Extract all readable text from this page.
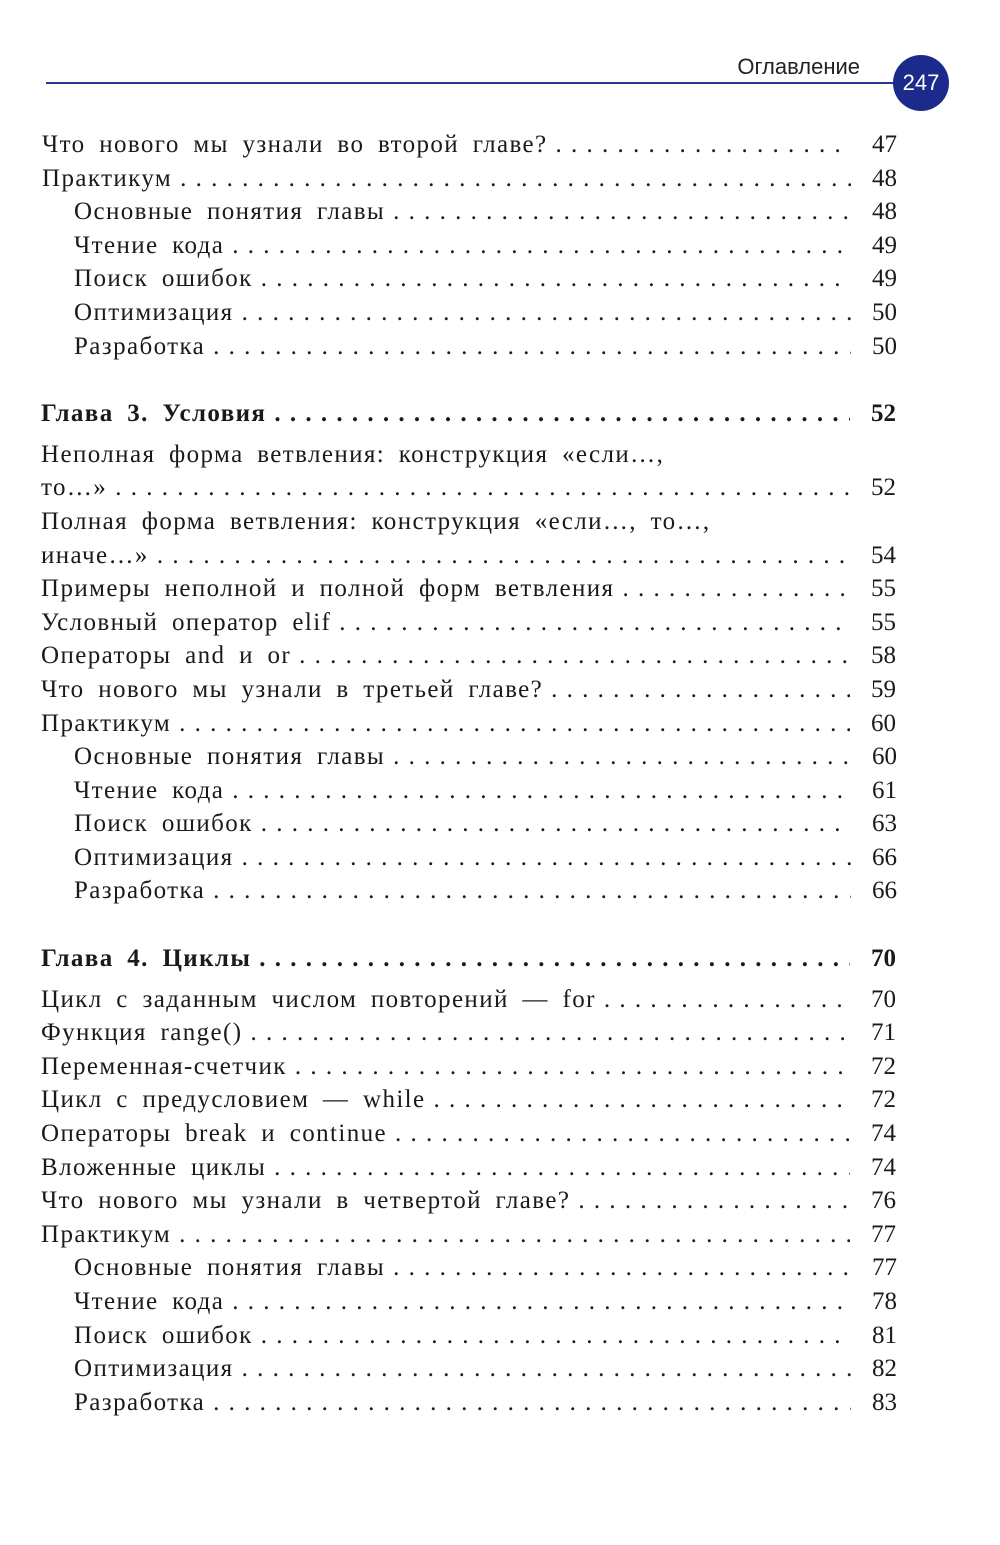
Оглавление
247
Что нового мы узнали во второй главе? . . .	47
Практикум . . .	48
Основные понятия главы . . .	48
Чтение кода . . .	49
Поиск ошибок . . .	49
Оптимизация . . .	50
Разработка . . .	50
Глава 3. Условия . . .	52
Неполная форма ветвления: конструкция «если…,
то…» . . .	52
Полная форма ветвления: конструкция «если…, то…,
иначе…» . . .	54
Примеры неполной и полной форм ветвления . . .	55
Условный оператор elif . . .	55
Операторы and и or . . .	58
Что нового мы узнали в третьей главе? . . .	59
Практикум . . .	60
Основные понятия главы . . .	60
Чтение кода . . .	61
Поиск ошибок . . .	63
Оптимизация . . .	66
Разработка . . .	66
Глава 4. Циклы . . .	70
Цикл с заданным числом повторений — for . . .	70
Функция range() . . .	71
Переменная-счетчик . . .	72
Цикл с предусловием — while . . .	72
Операторы break и continue . . .	74
Вложенные циклы . . .	74
Что нового мы узнали в четвертой главе? . . .	76
Практикум . . .	77
Основные понятия главы . . .	77
Чтение кода . . .	78
Поиск ошибок . . .	81
Оптимизация . . .	82
Разработка . . .	83
